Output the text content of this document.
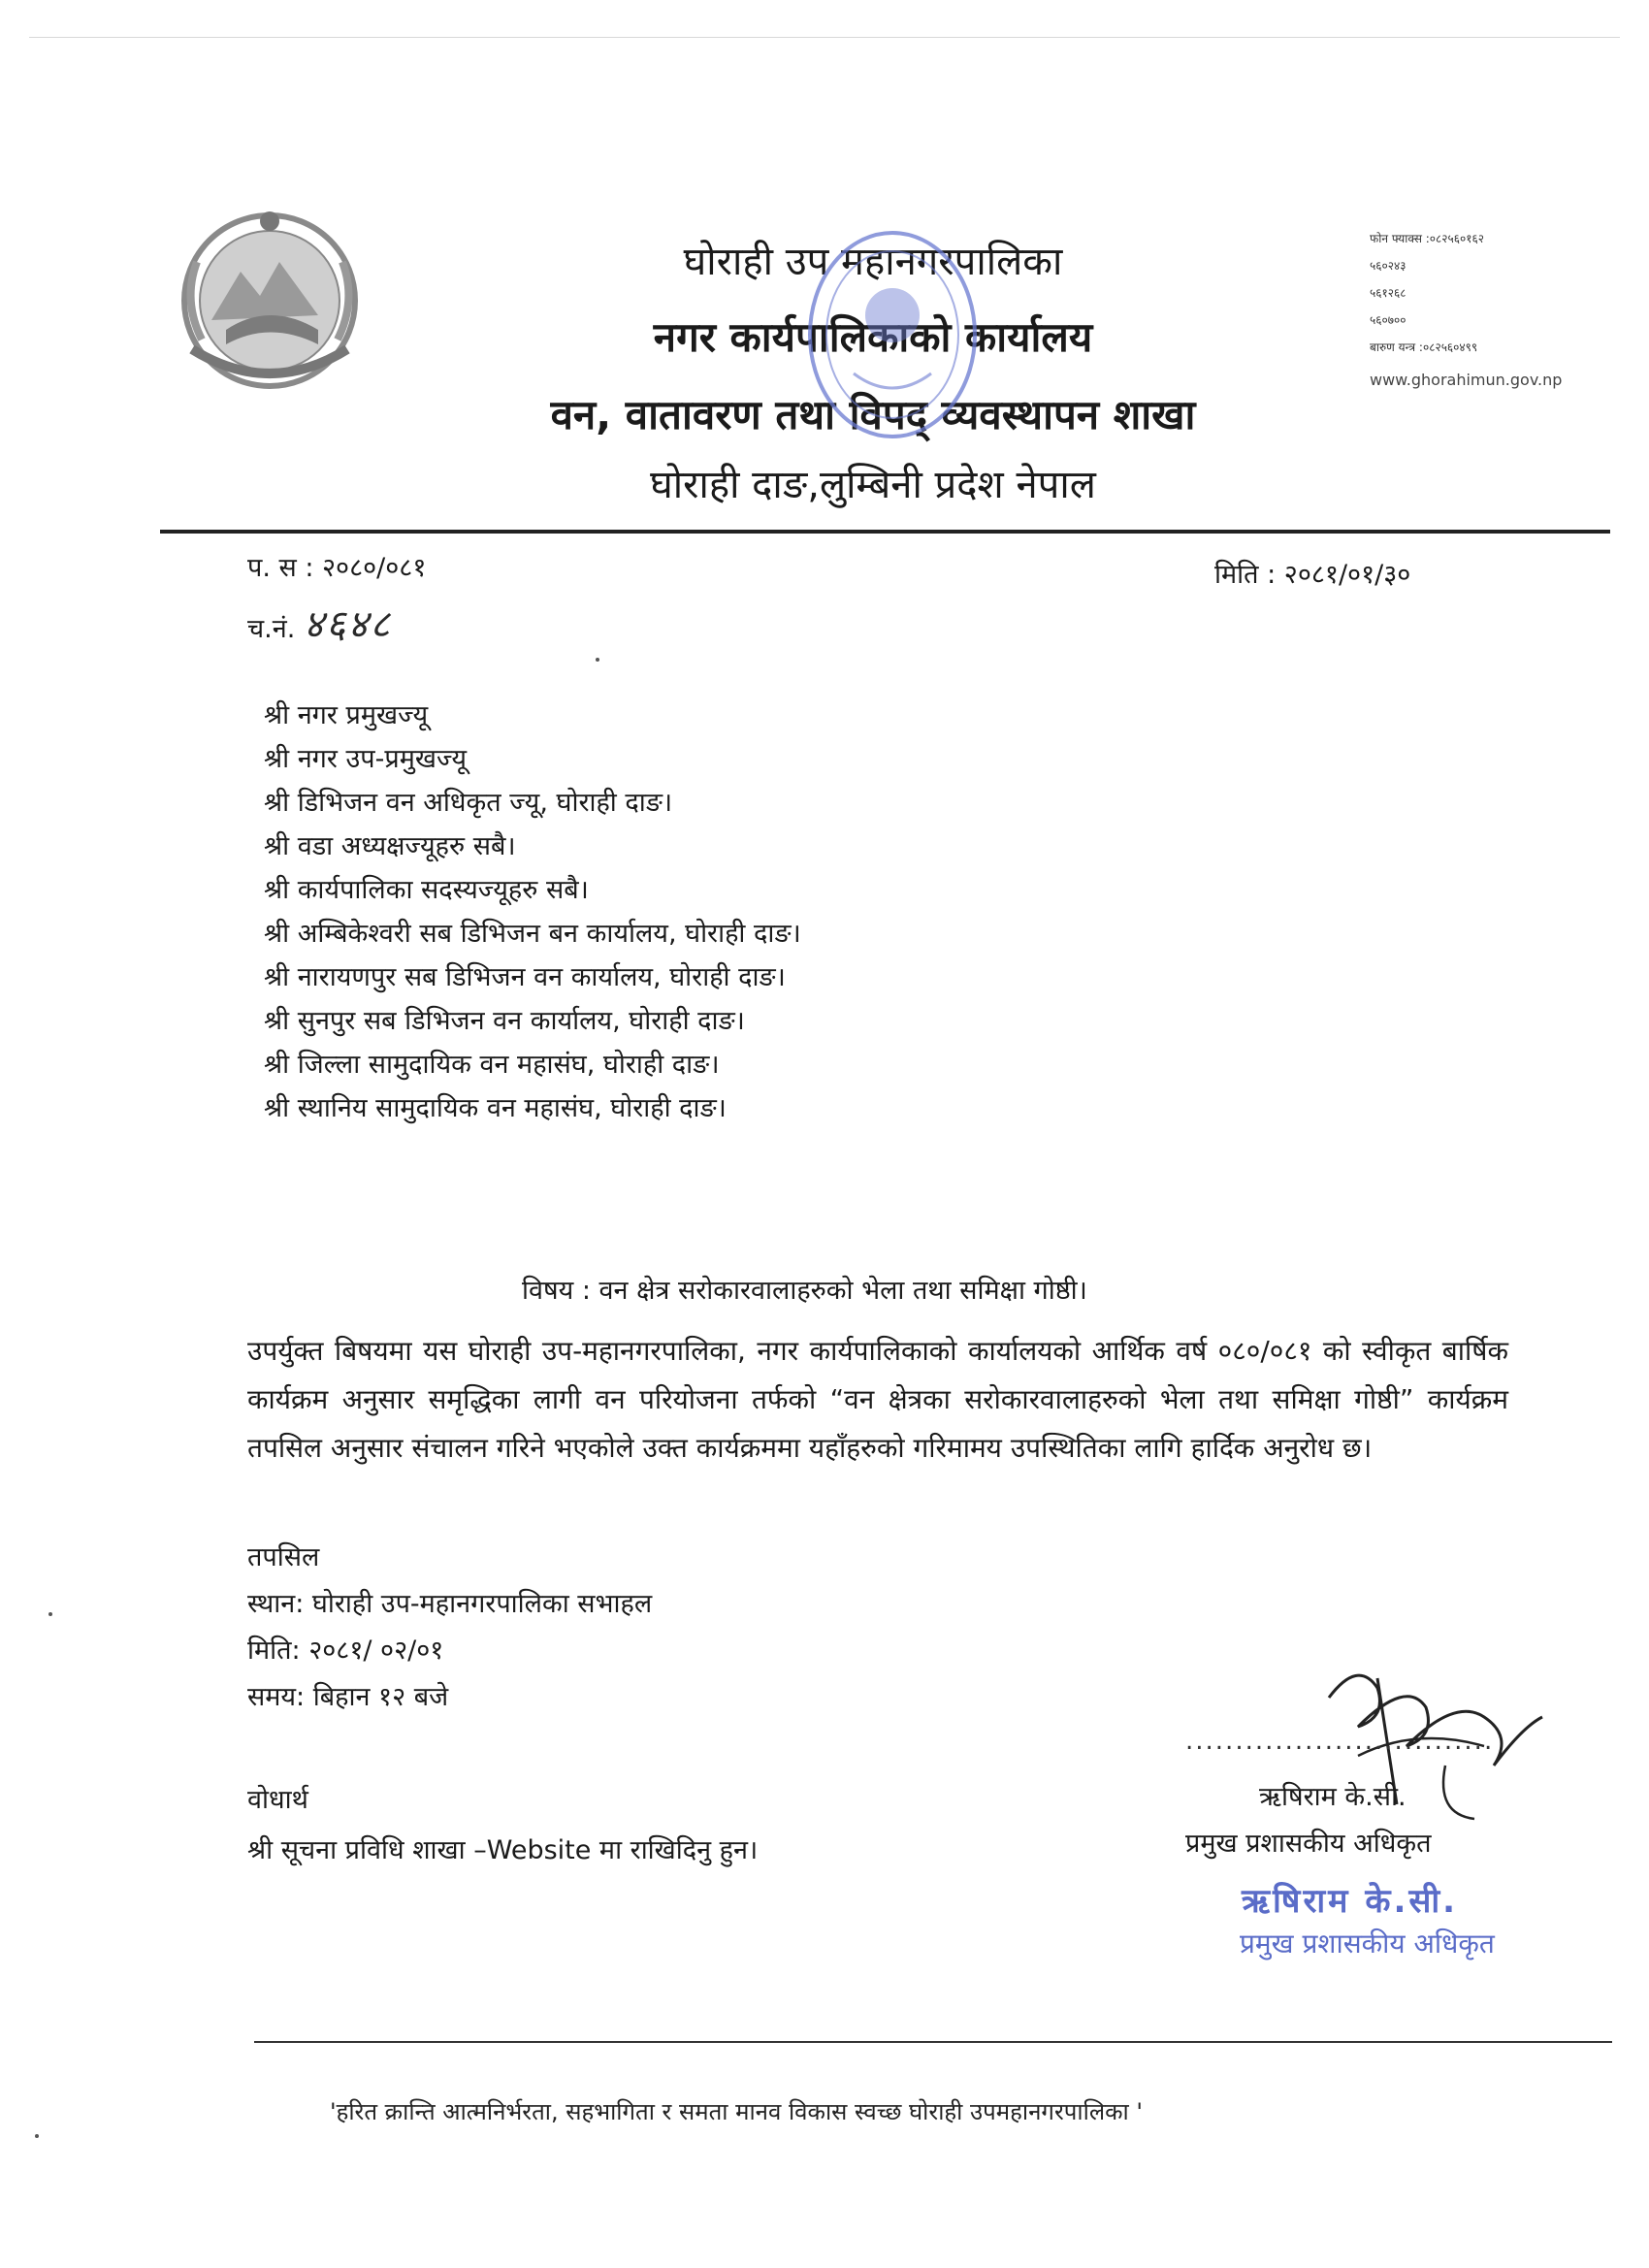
घोराही उप महानगरपालिका
नगर कार्यपालिकाको कार्यालय
वन, वातावरण तथा विपद् व्यवस्थापन शाखा
घोराही दाङ,लुम्बिनी प्रदेश नेपाल
फोन फ्याक्स :०८२५६०१६२
५६०२४३
५६१२६८
५६०७००
बारुण यन्त्र :०८२५६०४९९
www.ghorahimun.gov.np
प. स : २०८०/०८१
च.नं. ४६४८
मिति : २०८१/०१/३०
श्री नगर प्रमुखज्यू
श्री नगर उप-प्रमुखज्यू
श्री डिभिजन वन अधिकृत ज्यू, घोराही दाङ।
श्री वडा अध्यक्षज्यूहरु सबै।
श्री कार्यपालिका सदस्यज्यूहरु सबै।
श्री अम्बिकेश्वरी सब डिभिजन बन कार्यालय, घोराही दाङ।
श्री नारायणपुर सब डिभिजन वन कार्यालय, घोराही दाङ।
श्री सुनपुर सब डिभिजन वन कार्यालय, घोराही दाङ।
श्री जिल्ला सामुदायिक वन महासंघ, घोराही दाङ।
श्री स्थानिय सामुदायिक वन महासंघ, घोराही दाङ।
विषय : वन क्षेत्र सरोकारवालाहरुको भेला तथा समिक्षा गोष्ठी।
उपर्युक्त बिषयमा यस घोराही उप-महानगरपालिका, नगर कार्यपालिकाको कार्यालयको आर्थिक वर्ष ०८०/०८१ को स्वीकृत बार्षिक कार्यक्रम अनुसार समृद्धिका लागी वन परियोजना तर्फको “वन क्षेत्रका सरोकारवालाहरुको भेला तथा समिक्षा गोष्ठी” कार्यक्रम तपसिल अनुसार संचालन गरिने भएकोले उक्त कार्यक्रममा यहाँहरुको गरिमामय उपस्थितिका लागि हार्दिक अनुरोध छ।
तपसिल
स्थान: घोराही उप-महानगरपालिका सभाहल
मिति: २०८१/ ०२/०१
समय: बिहान १२ बजे
वोधार्थ
श्री सूचना प्रविधि शाखा –Website मा राखिदिनु हुन।
...............................
ऋषिराम के.सी.
प्रमुख प्रशासकीय अधिकृत
ऋषिराम के.सी.
प्रमुख प्रशासकीय अधिकृत
'हरित क्रान्ति आत्मनिर्भरता, सहभागिता र समता मानव विकास स्वच्छ घोराही उपमहानगरपालिका '
